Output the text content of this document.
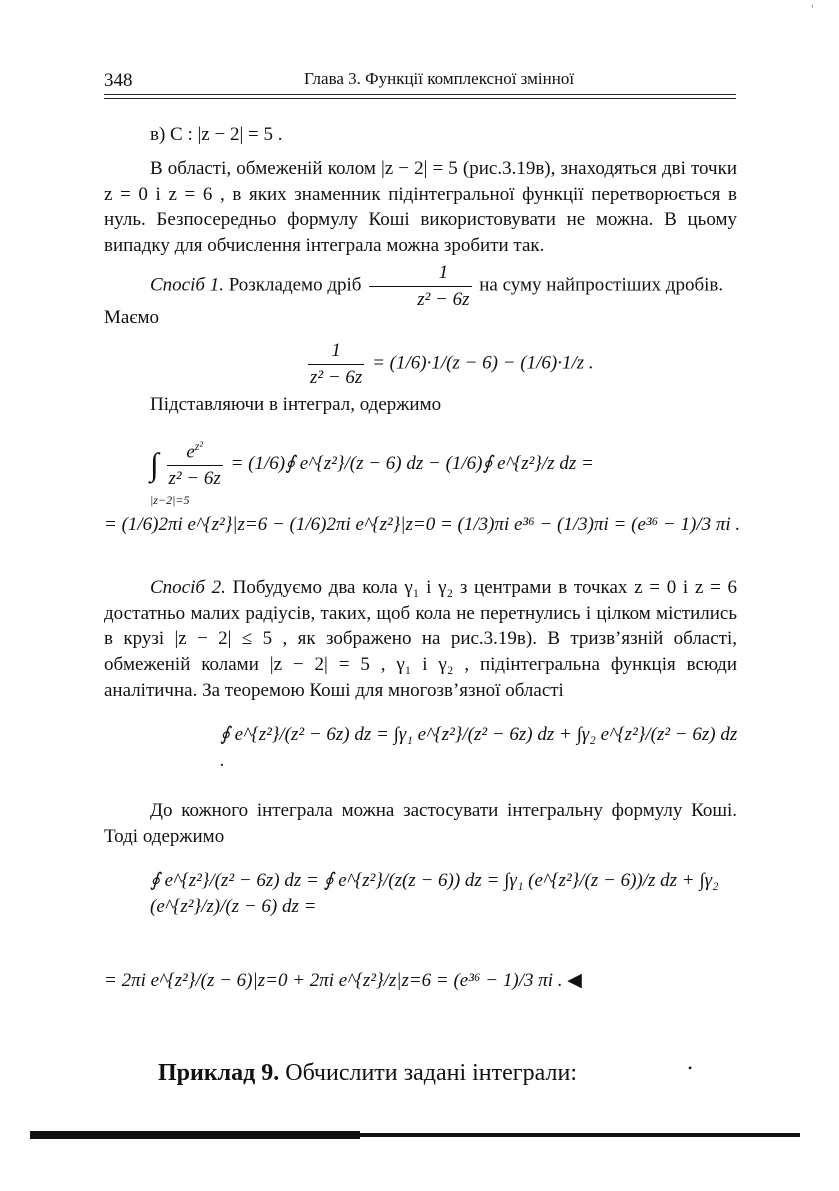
348	Глава 3. Функції комплексної змінної
в) C : |z − 2| = 5 .
В області, обмеженій колом |z − 2| = 5 (рис.3.19в), знаходяться дві точки z = 0 і z = 6 , в яких знаменник підінтегральної функції перетворюється в нуль. Безпосередньо формулу Коші використовувати не можна. В цьому випадку для обчислення інтеграла можна зробити так.
Спосіб 1. Розкладемо дріб $\frac{1}{\text{z² − 6z}}$ на суму найпростіших дробів.
Маємо
$\frac{1}{\text{z² − 6z}} = (1/6)\cdot 1/(z - 6) - (1/6)\cdot 1/z$ .
Підставляючи в інтеграл, одержимо
∫ $\frac{e^{z^2}}{\text{z² − 6z}}$ = (1/6)∮ e^{z²}/(z − 6) dz − (1/6)∮ e^{z²}/z dz =
|z−2|=5
= (1/6)2πi e^{z²}|z=6 − (1/6)2πi e^{z²}|z=0 = (1/3)πi e³⁶ − (1/3)πi = (e³⁶ − 1)/3 πi .
Спосіб 2. Побудуємо два кола γ₁ і γ₂ з центрами в точках z = 0 і z = 6 достатньо малих радіусів, таких, щоб кола не перетнулись і цілком містились в крузі |z − 2| ≤ 5 , як зображено на рис.3.19в). В тризв’язній області, обмеженій колами |z − 2| = 5 , γ₁ і γ₂ , підінтегральна функція всюди аналітична. За теоремою Коші для многозв’язної області
∮ e^{z²}/(z² − 6z) dz = ∫γ₁ e^{z²}/(z² − 6z) dz + ∫γ₂ e^{z²}/(z² − 6z) dz .
До кожного інтеграла можна застосувати інтегральну формулу Коші. Тоді одержимо
∮ e^{z²}/(z² − 6z) dz = ∮ e^{z²}/(z(z − 6)) dz = ∫γ₁ (e^{z²}/(z − 6))/z dz + ∫γ₂ (e^{z²}/z)/(z − 6) dz =
= 2πi e^{z²}/(z − 6)|z=0 + 2πi e^{z²}/z|z=6 = (e³⁶ − 1)/3 πi . ◀
Приклад 9. Обчислити задані інтеграли:
'
•
